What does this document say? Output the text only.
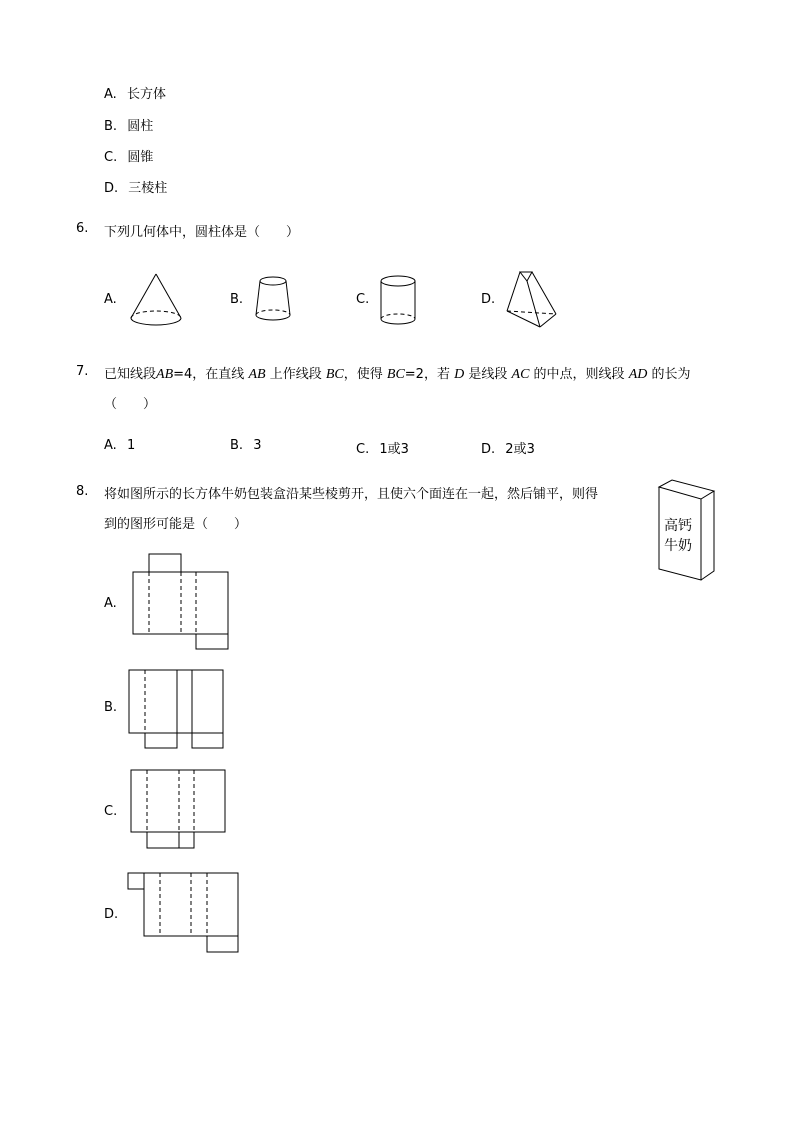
A. 长方体
B. 圆柱
C. 圆锥
D. 三棱柱
6. 下列几何体中，圆柱体是（　　）
A.	B.	C.	D.
7. 已知线段AB=4，在直线 AB 上作线段 BC，使得 BC=2，若 D 是线段 AC 的中点，则线段 AD 的长为
（　　）
A. 1	B. 3	C. 1或3	D. 2或3
8. 将如图所示的长方体牛奶包装盒沿某些棱剪开，且使六个面连在一起，然后铺平，则得
到的图形可能是（　　）	高钙
牛奶
A.
B.
C.
D.
